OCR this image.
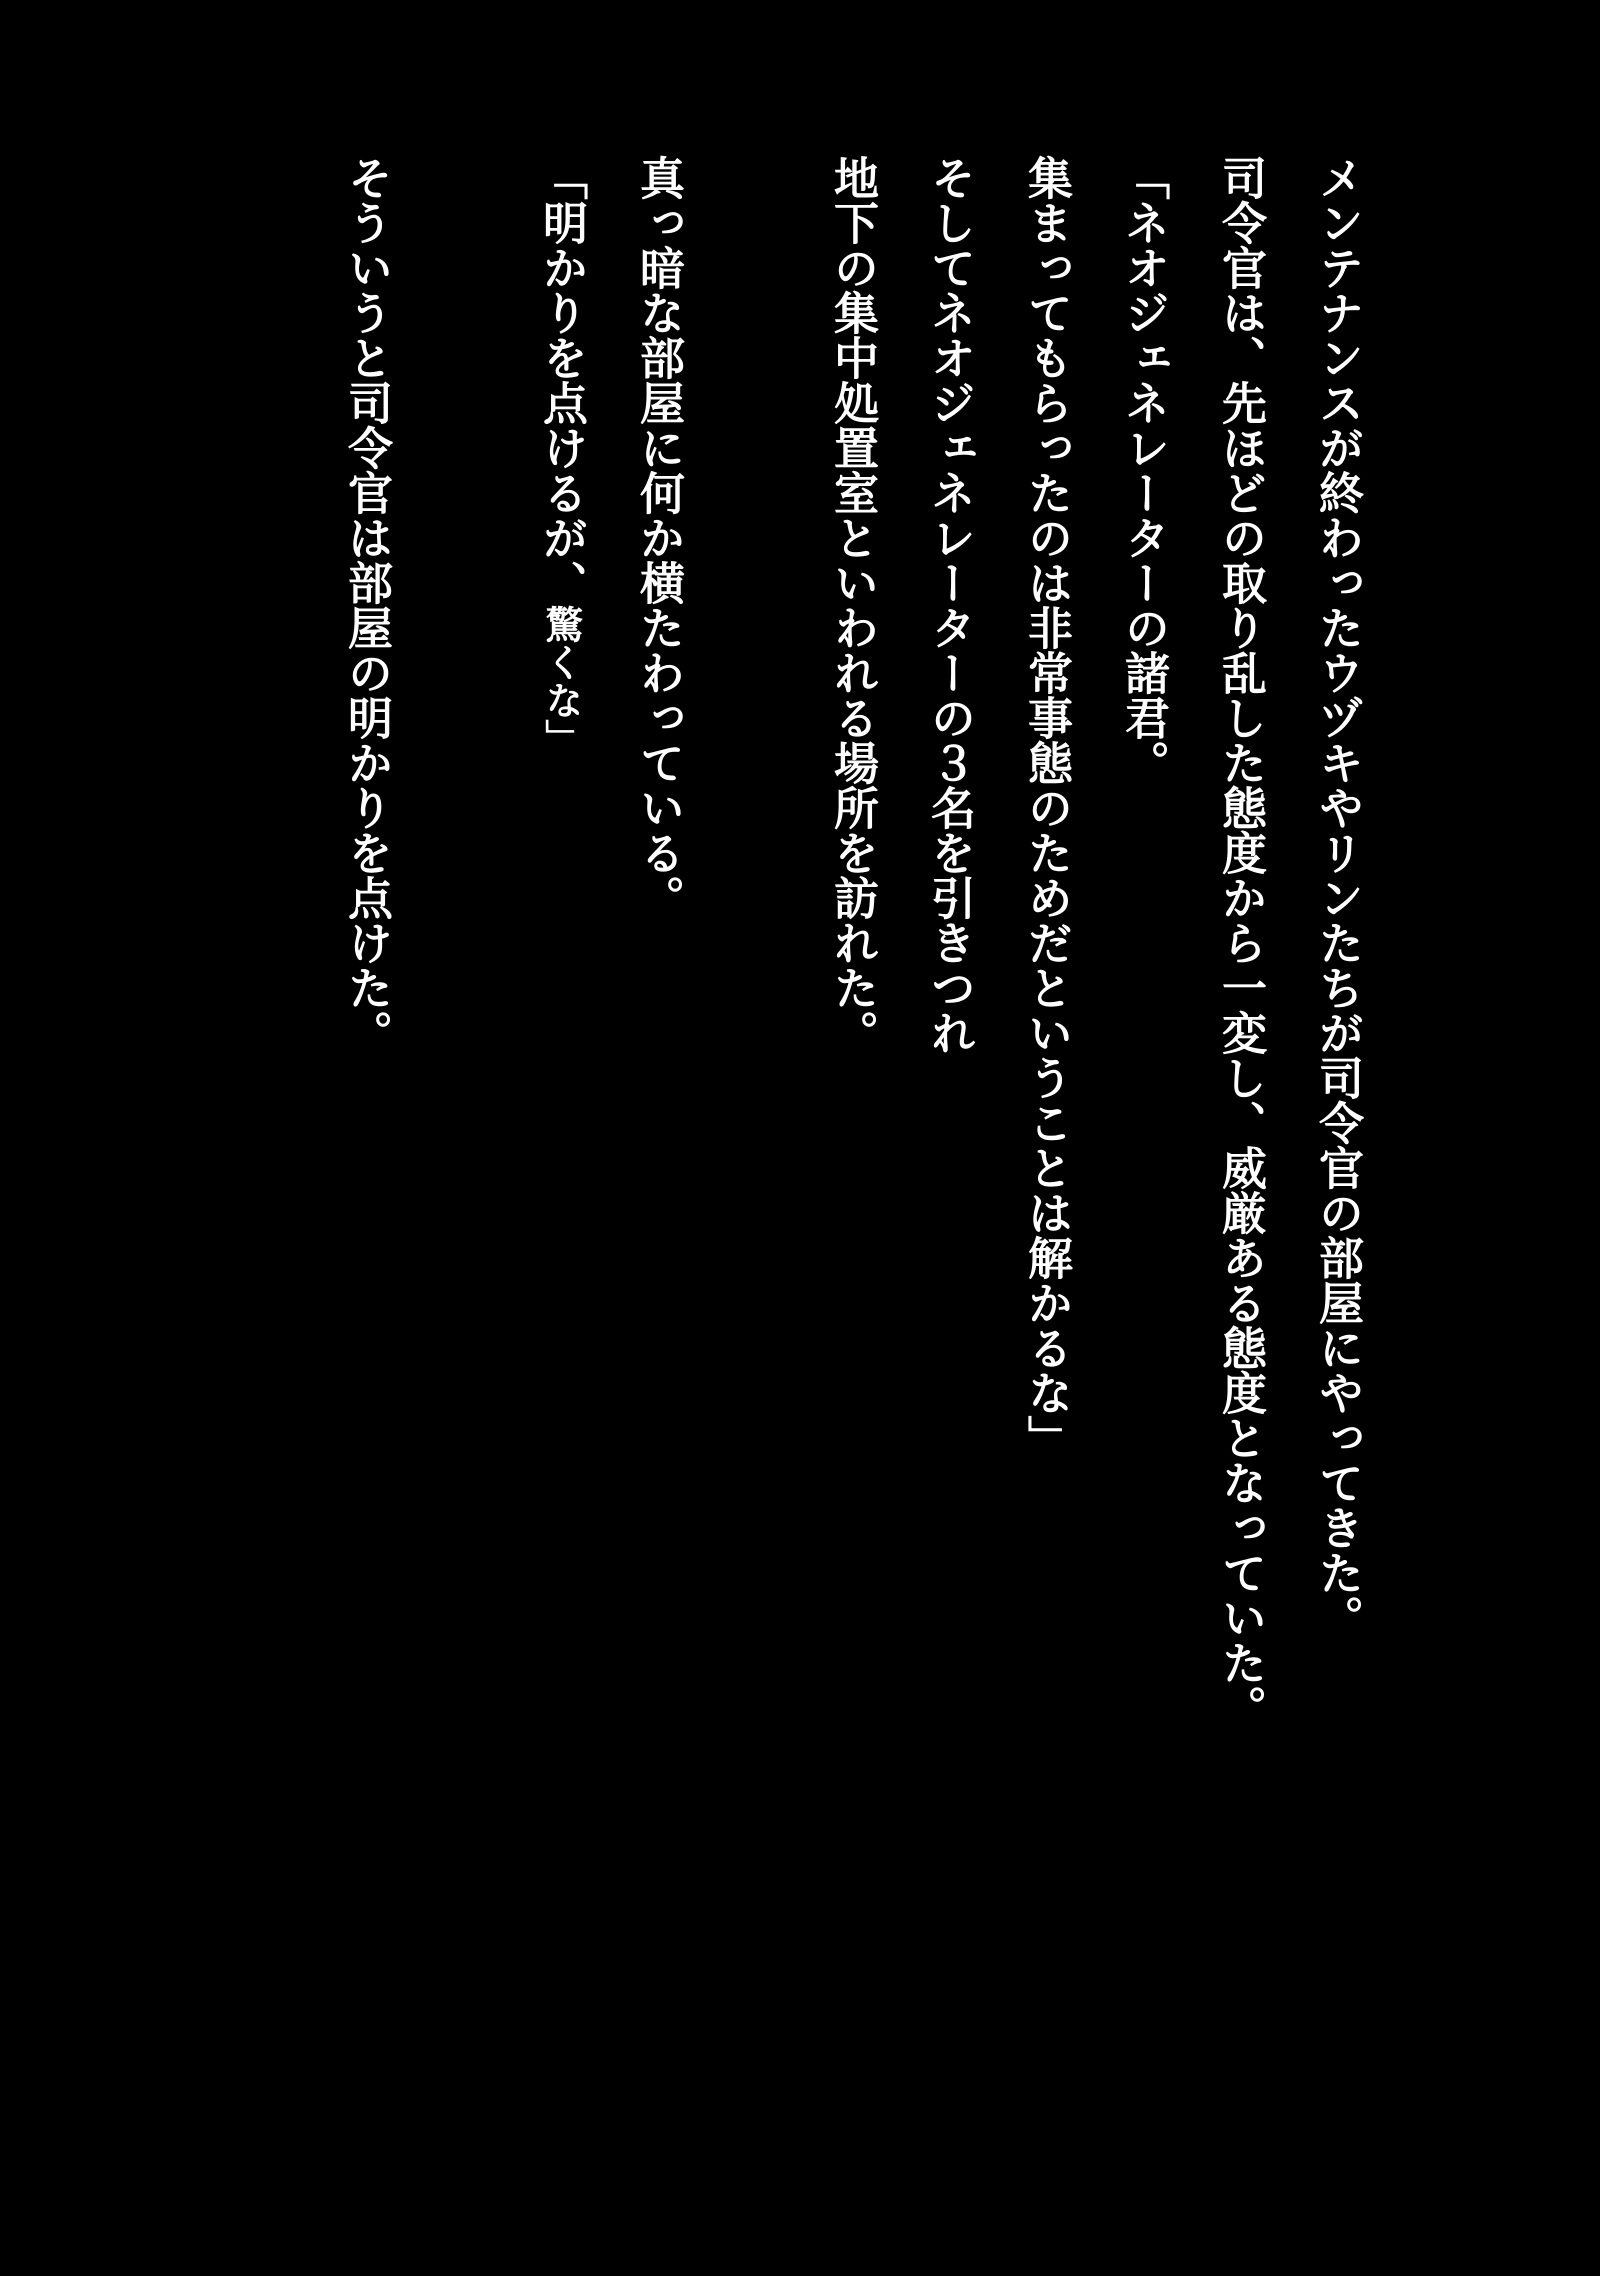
メンテナンスが終わったウヅキやリンたちが司令官の部屋にやってきた。

司令官は、先ほどの取り乱した態度から一変し、威厳ある態度となっていた。

「ネオジェネレーターの諸君。

集まってもらったのは非常事態のためだということは解かるな」

そしてネオジェネレーターの３名を引きつれ

地下の集中処置室といわれる場所を訪れた。

真っ暗な部屋に何か横たわっている。

「明かりを点けるが、驚くな」

そういうと司令官は部屋の明かりを点けた。
